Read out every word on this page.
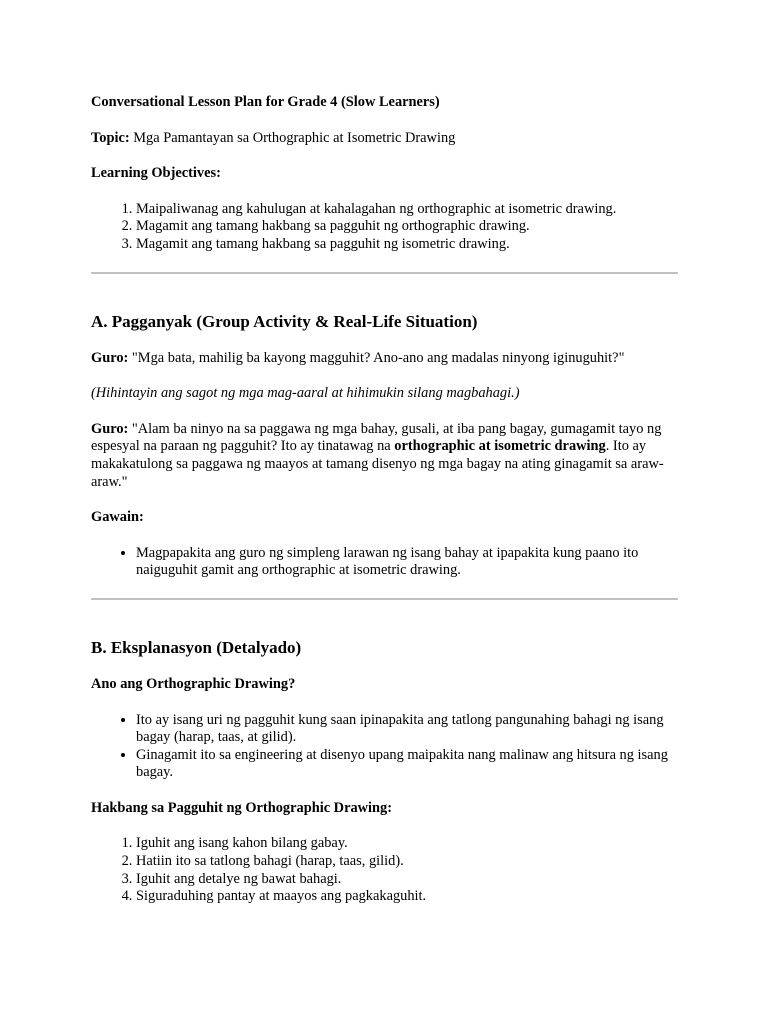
Conversational Lesson Plan for Grade 4 (Slow Learners)

Topic: Mga Pamantayan sa Orthographic at Isometric Drawing

Learning Objectives:

1. Maipaliwanag ang kahulugan at kahalagahan ng orthographic at isometric drawing.
2. Magamit ang tamang hakbang sa pagguhit ng orthographic drawing.
3. Magamit ang tamang hakbang sa pagguhit ng isometric drawing.
A. Pagganyak (Group Activity & Real-Life Situation)

Guro: "Mga bata, mahilig ba kayong magguhit? Ano-ano ang madalas ninyong iginuguhit?"

(Hihintayin ang sagot ng mga mag-aaral at hihimukin silang magbahagi.)

Guro: "Alam ba ninyo na sa paggawa ng mga bahay, gusali, at iba pang bagay, gumagamit tayo ng espesyal na paraan ng pagguhit? Ito ay tinatawag na orthographic at isometric drawing. Ito ay makakatulong sa paggawa ng maayos at tamang disenyo ng mga bagay na ating ginagamit sa araw-araw."

Gawain:

• Magpapakita ang guro ng simpleng larawan ng isang bahay at ipapakita kung paano ito naiguguhit gamit ang orthographic at isometric drawing.
B. Eksplanasyon (Detalyado)

Ano ang Orthographic Drawing?

• Ito ay isang uri ng pagguhit kung saan ipinapakita ang tatlong pangunahing bahagi ng isang bagay (harap, taas, at gilid).
• Ginagamit ito sa engineering at disenyo upang maipakita nang malinaw ang hitsura ng isang bagay.

Hakbang sa Pagguhit ng Orthographic Drawing:

1. Iguhit ang isang kahon bilang gabay.
2. Hatiin ito sa tatlong bahagi (harap, taas, gilid).
3. Iguhit ang detalye ng bawat bahagi.
4. Siguraduhing pantay at maayos ang pagkakaguhit.
